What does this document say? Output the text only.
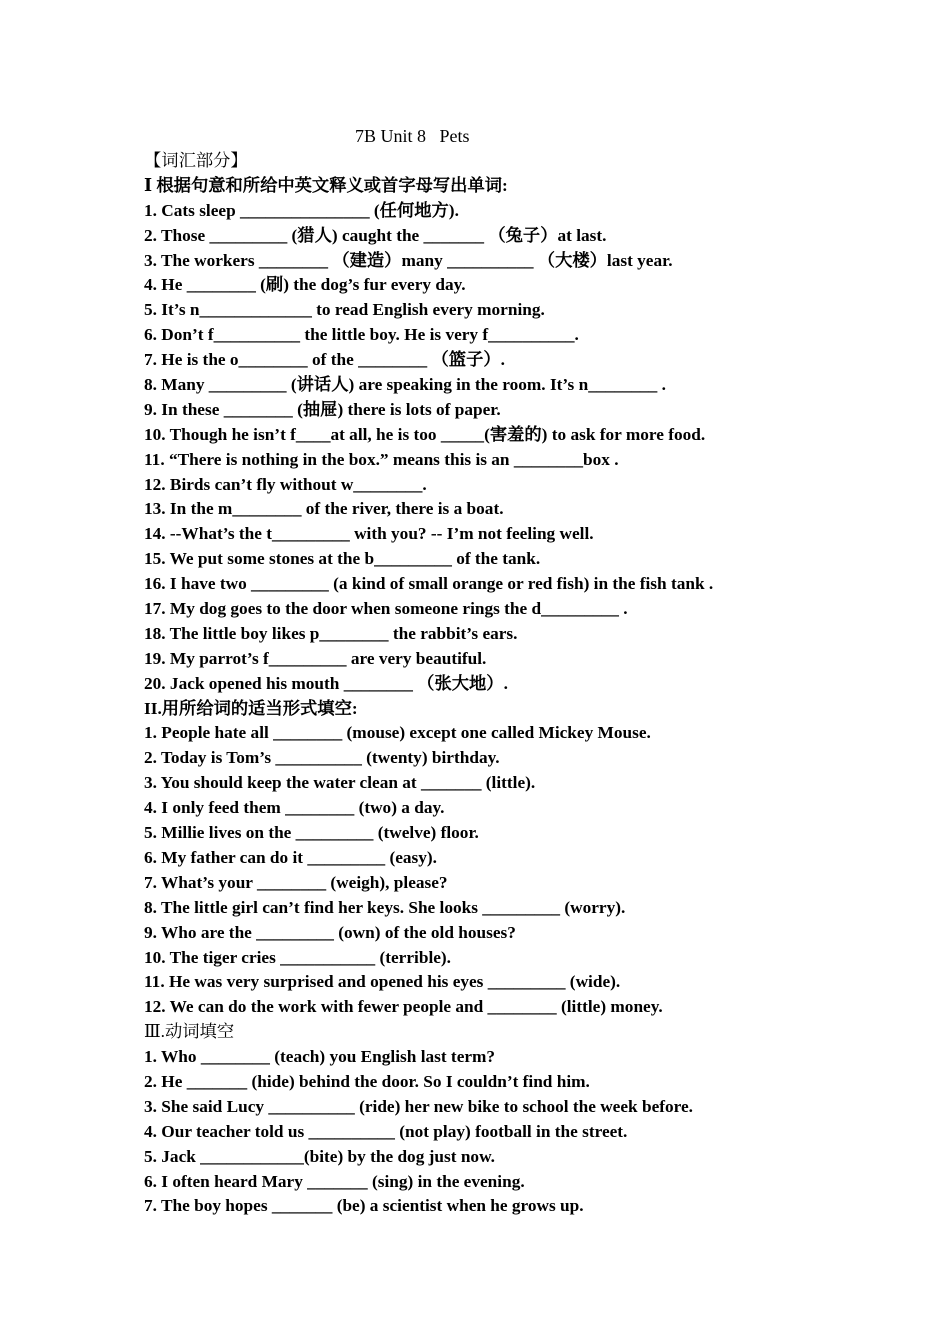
7B Unit 8   Pets
【词汇部分】
Ⅰ 根据句意和所给中英文释义或首字母写出单词:
1. Cats sleep _______________ (任何地方).
2. Those _________ (猎人) caught the _______ （兔子）at last.
3. The workers ________ （建造）many __________ （大楼）last year.
4. He ________ (刷) the dog’s fur every day.
5. It’s n_____________ to read English every morning.
6. Don’t f__________ the little boy. He is very f__________.
7. He is the o________ of the ________ （篮子）.
8. Many _________ (讲话人) are speaking in the room. It’s n________ .
9. In these ________ (抽屉) there is lots of paper.
10. Though he isn’t f____at all, he is too _____(害羞的) to ask for more food.
11. “There is nothing in the box.” means this is an ________box .
12. Birds can’t fly without w________.
13. In the m________ of the river, there is a boat.
14. --What’s the t_________ with you? -- I’m not feeling well.
15. We put some stones at the b_________ of the tank.
16. I have two _________ (a kind of small orange or red fish) in the fish tank .
17. My dog goes to the door when someone rings the d_________ .
18. The little boy likes p________ the rabbit’s ears.
19. My parrot’s f_________ are very beautiful.
20. Jack opened his mouth ________ （张大地）.
II.用所给词的适当形式填空:
1. People hate all ________ (mouse) except one called Mickey Mouse.
2. Today is Tom’s __________ (twenty) birthday.
3. You should keep the water clean at _______ (little).
4. I only feed them ________ (two) a day.
5. Millie lives on the _________ (twelve) floor.
6. My father can do it _________ (easy).
7. What’s your ________ (weigh), please?
8. The little girl can’t find her keys. She looks _________ (worry).
9. Who are the _________ (own) of the old houses?
10. The tiger cries ___________ (terrible).
11. He was very surprised and opened his eyes _________ (wide).
12. We can do the work with fewer people and ________ (little) money.
Ⅲ.动词填空
1. Who ________ (teach) you English last term?
2. He _______ (hide) behind the door. So I couldn’t find him.
3. She said Lucy __________ (ride) her new bike to school the week before.
4. Our teacher told us __________ (not play) football in the street.
5. Jack ____________(bite) by the dog just now.
6. I often heard Mary _______ (sing) in the evening.
7. The boy hopes _______ (be) a scientist when he grows up.
